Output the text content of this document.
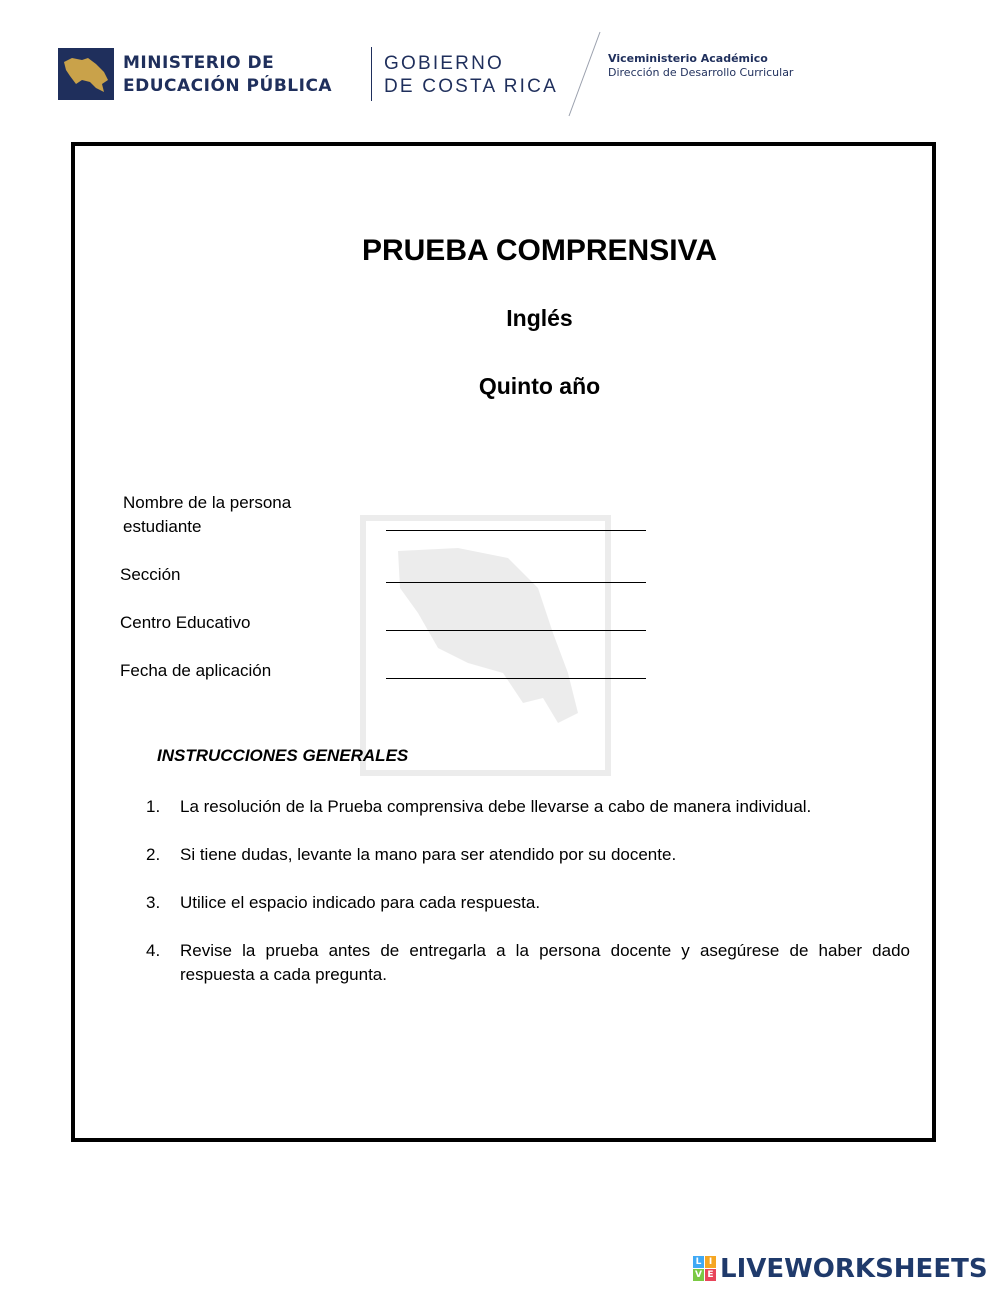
MINISTERIO DE
EDUCACIÓN PÚBLICA
GOBIERNO
DE COSTA RICA
Viceministerio Académico
Dirección de Desarrollo Curricular
PRUEBA COMPRENSIVA
Inglés
Quinto año
Nombre de la persona
estudiante
Sección
Centro Educativo
Fecha de aplicación
INSTRUCCIONES GENERALES
1.	La resolución de la Prueba comprensiva debe llevarse a cabo de manera individual.
2.	Si tiene dudas, levante la mano para ser atendido por su docente.
3.	Utilice el espacio indicado para cada respuesta.
4.	Revise la prueba antes de entregarla a la persona docente y asegúrese de haber dado respuesta a cada pregunta.
L I
V E LIVEWORKSHEETS
